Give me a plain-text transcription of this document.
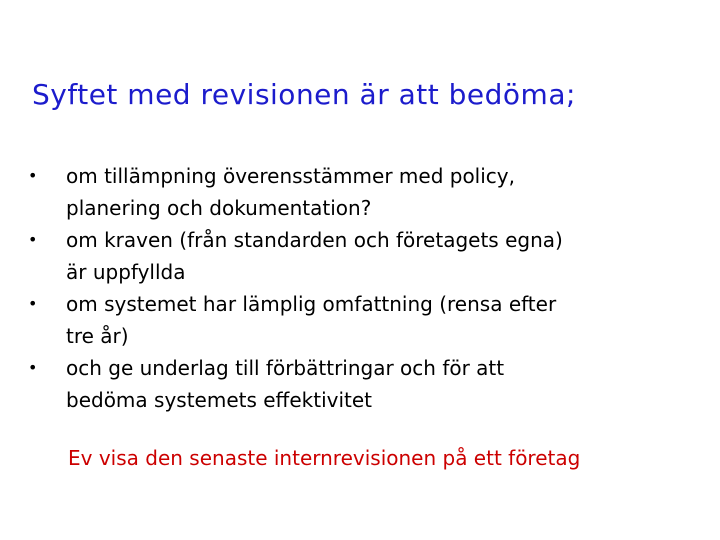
Syftet med revisionen är att bedöma;
• om tillämpning överensstämmer med policy,
planering och dokumentation?
• om kraven (från standarden och företagets egna)
är uppfyllda
• om systemet har lämplig omfattning (rensa efter
tre år)
• och ge underlag till förbättringar och för att
bedöma systemets effektivitet

Ev visa den senaste internrevisionen på ett företag
